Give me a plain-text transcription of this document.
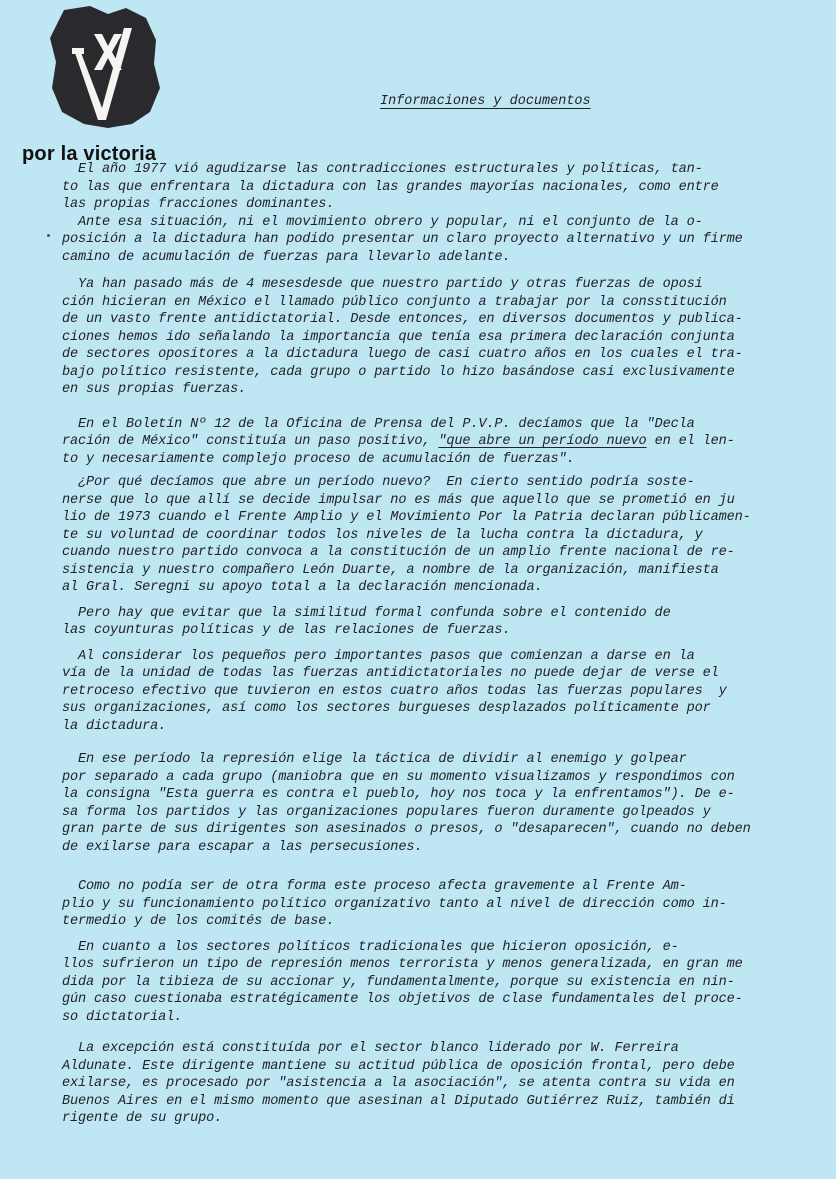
por la victoria
Informaciones y documentos
El año 1977 vió agudizarse las contradicciones estructurales y políticas, tan-
to las que enfrentara la dictadura con las grandes mayorías nacionales, como entre
las propias fracciones dominantes.
Ante esa situación, ni el movimiento obrero y popular, ni el conjunto de la o-
posición a la dictadura han podido presentar un claro proyecto alternativo y un firme
camino de acumulación de fuerzas para llevarlo adelante.
Ya han pasado más de 4 mesesdesde que nuestro partido y otras fuerzas de oposi
ción hicieran en México el llamado público conjunto a trabajar por la consstitución
de un vasto frente antidictatorial. Desde entonces, en diversos documentos y publica-
ciones hemos ido señalando la importancia que tenía esa primera declaración conjunta
de sectores opositores a la dictadura luego de casi cuatro años en los cuales el tra-
bajo político resistente, cada grupo o partido lo hizo basándose casi exclusivamente
en sus propias fuerzas.
En el Boletín Nº 12 de la Oficina de Prensa del P.V.P. decíamos que la "Decla
ración de México" constituía un paso positivo, "que abre un período nuevo en el len-
to y necesariamente complejo proceso de acumulación de fuerzas".
¿Por qué decíamos que abre un período nuevo?  En cierto sentido podría soste-
nerse que lo que allí se decide impulsar no es más que aquello que se prometió en ju
lio de 1973 cuando el Frente Amplio y el Movimiento Por la Patria declaran públicamen-
te su voluntad de coordinar todos los niveles de la lucha contra la dictadura, y
cuando nuestro partido convoca a la constitución de un amplio frente nacional de re-
sistencia y nuestro compañero León Duarte, a nombre de la organización, manifiesta
al Gral. Seregni su apoyo total a la declaración mencionada.
Pero hay que evitar que la similitud formal confunda sobre el contenido de
las coyunturas políticas y de las relaciones de fuerzas.
Al considerar los pequeños pero importantes pasos que comienzan a darse en la
vía de la unidad de todas las fuerzas antidictatoriales no puede dejar de verse el
retroceso efectivo que tuvieron en estos cuatro años todas las fuerzas populares  y
sus organizaciones, así como los sectores burgueses desplazados políticamente por
la dictadura.
En ese período la represión elige la táctica de dividir al enemigo y golpear
por separado a cada grupo (maniobra que en su momento visualizamos y respondimos con
la consigna "Esta guerra es contra el pueblo, hoy nos toca y la enfrentamos"). De e-
sa forma los partidos y las organizaciones populares fueron duramente golpeados y
gran parte de sus dirigentes son asesinados o presos, o "desaparecen", cuando no deben
de exilarse para escapar a las persecusiones.
Como no podía ser de otra forma este proceso afecta gravemente al Frente Am-
plio y su funcionamiento político organizativo tanto al nivel de dirección como in-
termedio y de los comités de base.
En cuanto a los sectores políticos tradicionales que hicieron oposición, e-
llos sufrieron un tipo de represión menos terrorista y menos generalizada, en gran me
dida por la tibieza de su accionar y, fundamentalmente, porque su existencia en nin-
gún caso cuestionaba estratégicamente los objetivos de clase fundamentales del proce-
so dictatorial.
La excepción está constituída por el sector blanco liderado por W. Ferreira
Aldunate. Este dirigente mantiene su actitud pública de oposición frontal, pero debe
exilarse, es procesado por "asistencia a la asociación", se atenta contra su vida en
Buenos Aires en el mismo momento que asesinan al Diputado Gutiérrez Ruiz, también di
rigente de su grupo.
